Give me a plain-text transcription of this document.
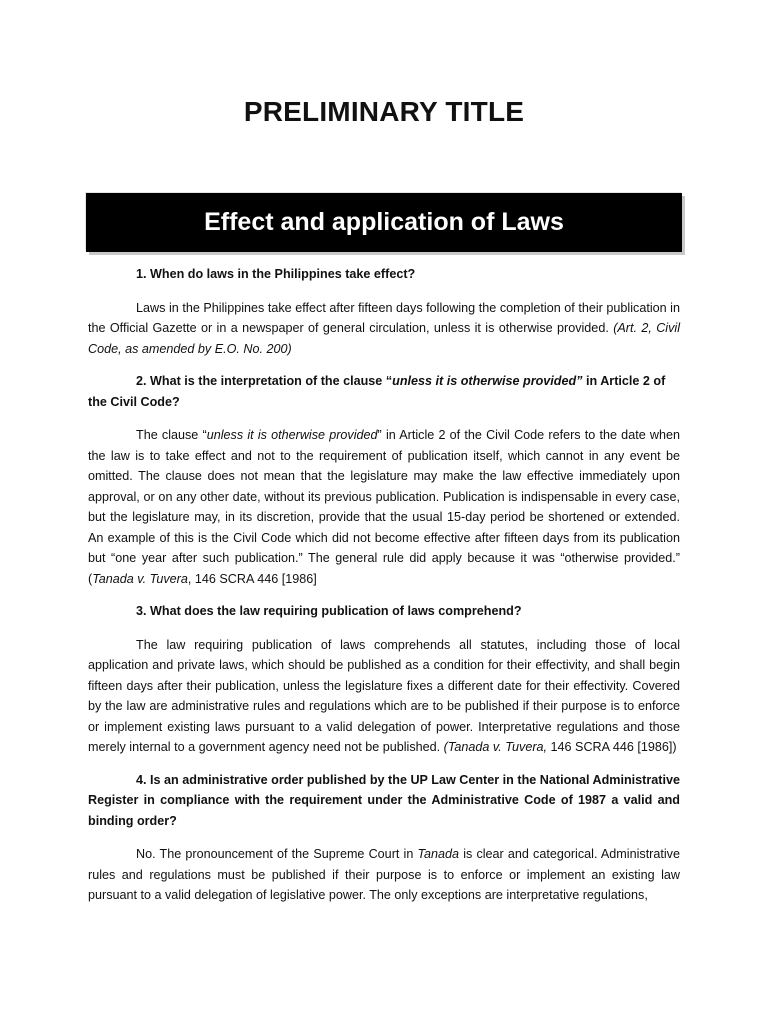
PRELIMINARY TITLE
Effect and application of Laws

1. When do laws in the Philippines take effect?

Laws in the Philippines take effect after fifteen days following the completion of their publication in the Official Gazette or in a newspaper of general circulation, unless it is otherwise provided. (Art. 2, Civil Code, as amended by E.O. No. 200)

2. What is the interpretation of the clause “unless it is otherwise provided” in Article 2 of the Civil Code?

The clause “unless it is otherwise provided” in Article 2 of the Civil Code refers to the date when the law is to take effect and not to the requirement of publication itself, which cannot in any event be omitted. The clause does not mean that the legislature may make the law effective immediately upon approval, or on any other date, without its previous publication. Publication is indispensable in every case, but the legislature may, in its discretion, provide that the usual 15-day period be shortened or extended. An example of this is the Civil Code which did not become effective after fifteen days from its publication but “one year after such publication.” The general rule did apply because it was “otherwise provided.” (Tanada v. Tuvera, 146 SCRA 446 [1986]

3. What does the law requiring publication of laws comprehend?

The law requiring publication of laws comprehends all statutes, including those of local application and private laws, which should be published as a condition for their effectivity, and shall begin fifteen days after their publication, unless the legislature fixes a different date for their effectivity. Covered by the law are administrative rules and regulations which are to be published if their purpose is to enforce or implement existing laws pursuant to a valid delegation of power. Interpretative regulations and those merely internal to a government agency need not be published. (Tanada v. Tuvera, 146 SCRA 446 [1986])

4. Is an administrative order published by the UP Law Center in the National Administrative Register in compliance with the requirement under the Administrative Code of 1987 a valid and binding order?

No. The pronouncement of the Supreme Court in Tanada is clear and categorical. Administrative rules and regulations must be published if their purpose is to enforce or implement an existing law pursuant to a valid delegation of legislative power. The only exceptions are interpretative regulations,
